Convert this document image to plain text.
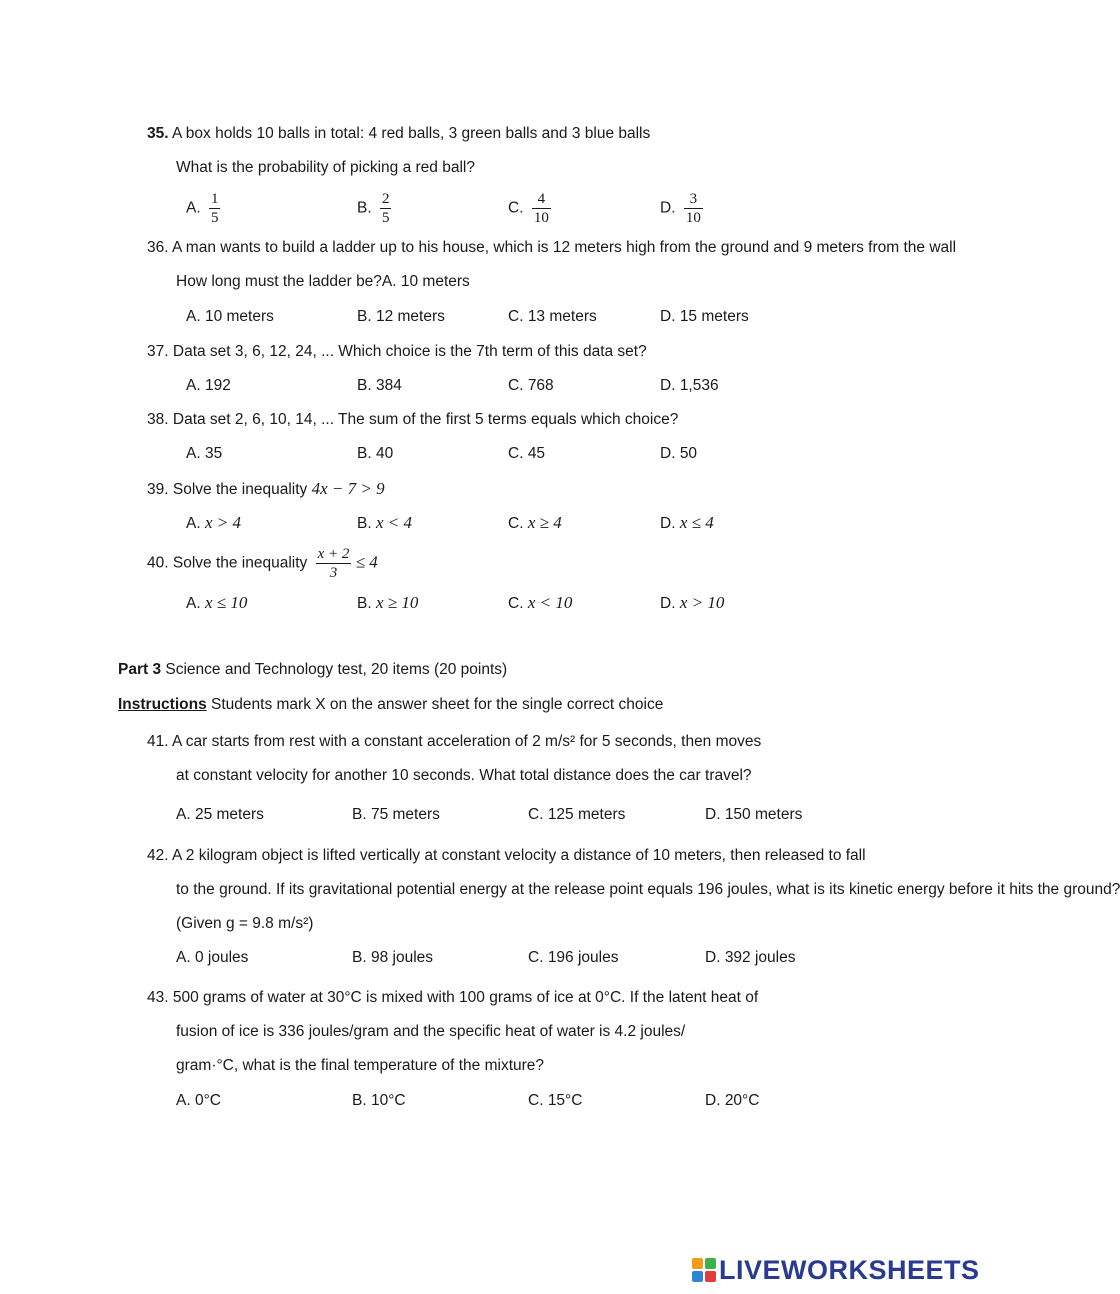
35. A box holds 10 balls in total: 4 red balls, 3 green balls and 3 blue balls
What is the probability of picking a red ball?
A. $\frac{1}{5}$	B. $\frac{2}{5}$	C. $\frac{4}{10}$	D. $\frac{3}{10}$
36. A man wants to build a ladder up to his house, which is 12 meters high from the ground and 9 meters from the wall
How long must the ladder be?A. 10 meters
A. 10 meters	B. 12 meters	C. 13 meters	D. 15 meters
37. Data set 3, 6, 12, 24, ... Which choice is the 7th term of this data set?
A. 192	B. 384	C. 768	D. 1,536
38. Data set 2, 6, 10, 14, ... The sum of the first 5 terms equals which choice?
A. 35	B. 40	C. 45	D. 50
39. Solve the inequality 4x − 7 > 9
A. x > 4	B. x < 4	C. x ≥ 4	D. x ≤ 4
40. Solve the inequality $\frac{x + 2}{3} \le 4$
A. x ≤ 10	B. x ≥ 10	C. x < 10	D. x > 10
Part 3 Science and Technology test, 20 items (20 points)
Instructions Students mark X on the answer sheet for the single correct choice
41. A car starts from rest with a constant acceleration of 2 m/s² for 5 seconds, then moves
at constant velocity for another 10 seconds. What total distance does the car travel?
A. 25 meters	B. 75 meters	C. 125 meters	D. 150 meters
42. A 2 kilogram object is lifted vertically at constant velocity a distance of 10 meters, then released to fall
to the ground. If its gravitational potential energy at the release point equals 196 joules, what is its kinetic energy before it hits the ground?
(Given g = 9.8 m/s²)
A. 0 joules	B. 98 joules	C. 196 joules	D. 392 joules
43. 500 grams of water at 30°C is mixed with 100 grams of ice at 0°C. If the latent heat of
fusion of ice is 336 joules/gram and the specific heat of water is 4.2 joules/
gram·°C, what is the final temperature of the mixture?
A. 0°C	B. 10°C	C. 15°C	D. 20°C
LIVEWORKSHEETS
